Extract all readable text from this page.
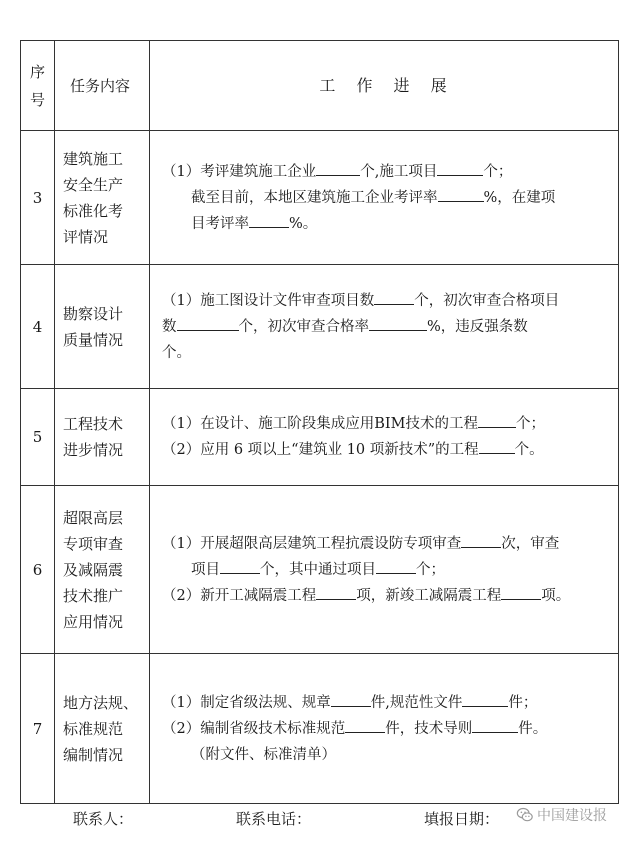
序
号	任务内容	工 作 进 展
3	建筑施工
安全生产
标准化考
评情况	（1）考评建筑施工企业 个,施工项目 个；
截至目前，本地区建筑施工企业考评率 %，在建项
目考评率 %。

4	勘察设计
质量情况	（1）施工图设计文件审查项目数 个，初次审查合格项目
数 个，初次审查合格率 %，违反强条数
个。

5	工程技术
进步情况	（1）在设计、施工阶段集成应用BIM技术的工程 个；
（2）应用 6 项以上“建筑业 10 项新技术”的工程 个。

6	超限高层
专项审查
及减隔震
技术推广
应用情况	（1）开展超限高层建筑工程抗震设防专项审查 次，审查
项目 个，其中通过项目 个；
（2）新开工减隔震工程 项，新竣工减隔震工程 项。

7	地方法规、
标准规范
编制情况	（1）制定省级法规、规章 件,规范性文件 件；
（2）编制省级技术标准规范 件，技术导则 件。
（附文件、标准清单）
联系人：	联系电话：	填报日期：	中国建设报
